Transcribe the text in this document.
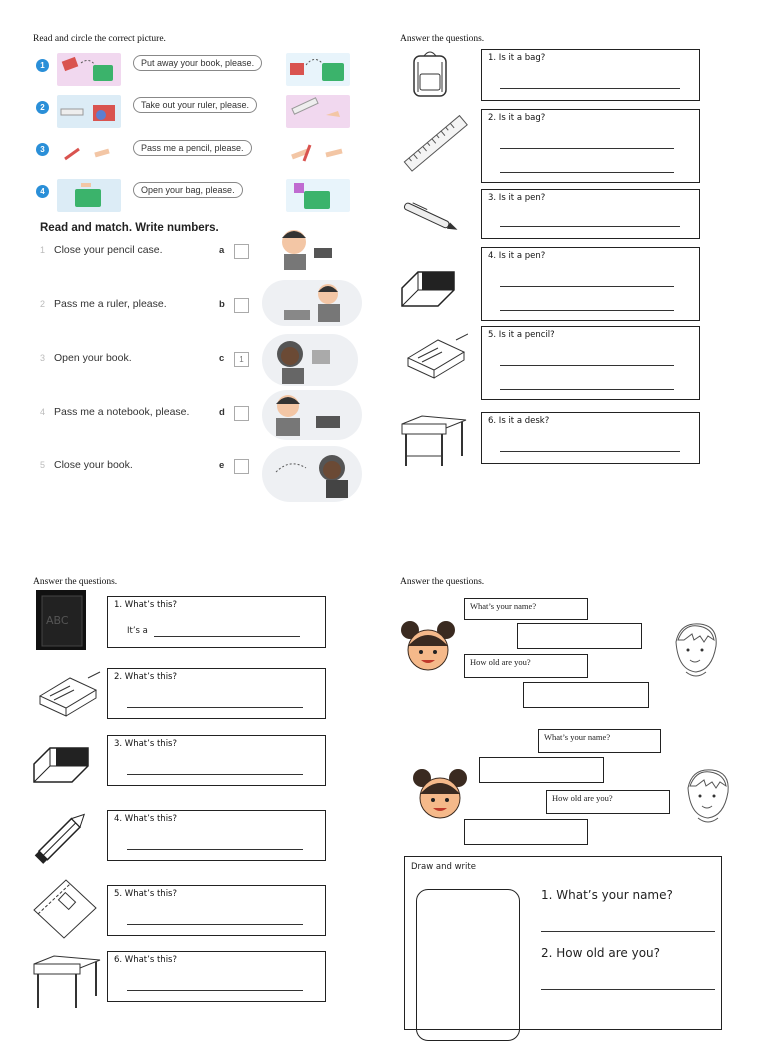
Read and circle the correct picture.
1	Put away your book, please.
2	Take out your ruler, please.
3	Pass me a pencil, please.
4	Open your bag, please.
Read and match. Write numbers.
1 Close your pencil case.	a
2 Pass me a ruler, please.	b
3 Open your book.	c	1
4 Pass me a notebook, please.	d
5 Close your book.	e
Answer the questions.
1. Is it a bag?
2. Is it a bag?
3. Is it a pen?
4. Is it a pen?
5. Is it a pencil?
6. Is it a desk?
Answer the questions.
ABC
1. What’s this?
It’s a
2. What’s this?
3. What’s this?
4. What’s this?
5. What’s this?
6. What’s this?
Answer the questions.
What’s your name?
How old are you?
What’s your name?
How old are you?
Draw and write
1. What’s your name?
2. How old are you?
